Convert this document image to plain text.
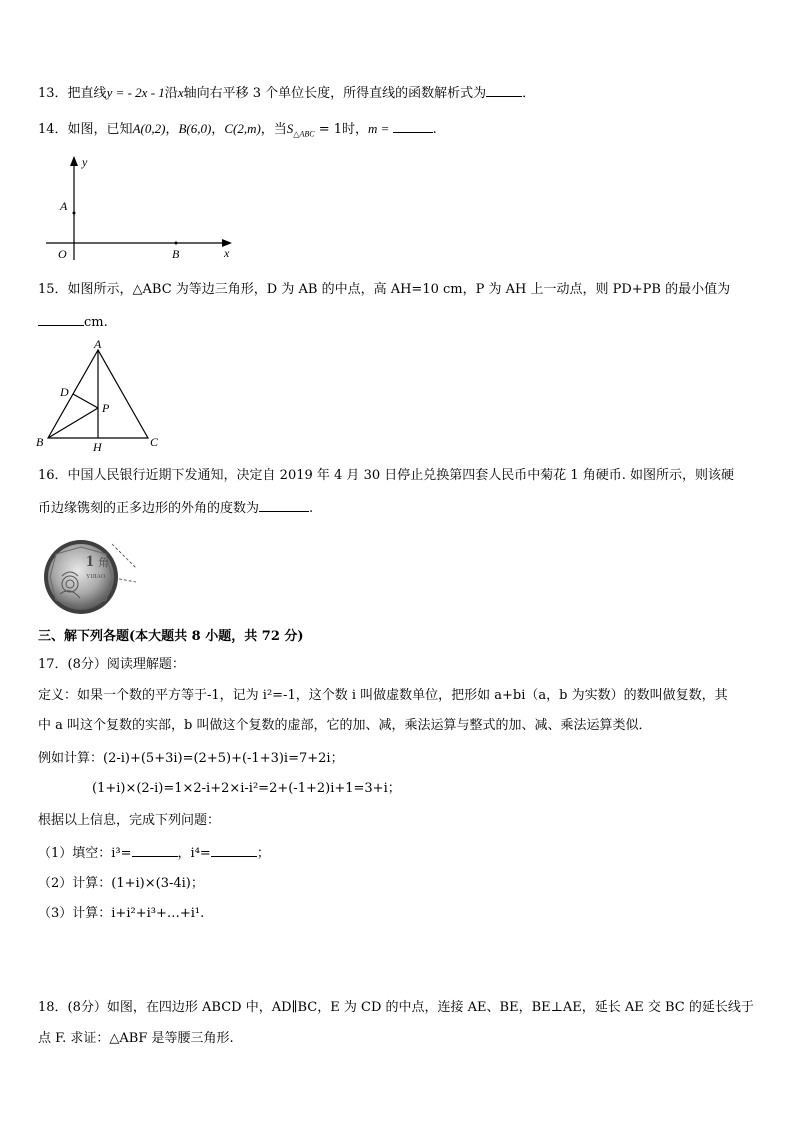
13．把直线y = - 2x - 1沿x轴向右平移 3 个单位长度，所得直线的函数解析式为	．
14．如图，已知A(0,2)，B(6,0)，C(2,m)，当$S_{\triangle ABC} = 1$时，m =	.
y
A
O	B	x
15．如图所示，△ABC 为等边三角形，D 为 AB 的中点，高 AH=10 cm，P 为 AH 上一动点，则 PD+PB 的最小值为
cm.
A
D
P
B	H	C
16．中国人民银行近期下发通知，决定自 2019 年 4 月 30 日停止兑换第四套人民币中菊花 1 角硬币. 如图所示，则该硬
币边缘镌刻的正多边形的外角的度数为	.
1 角
YIJIAO
三、解下列各题(本大题共 8 小题，共 72 分)
17．(8分）阅读理解题：
定义：如果一个数的平方等于-1，记为 i²=-1，这个数 i 叫做虚数单位，把形如 a+bi（a，b 为实数）的数叫做复数，其
中 a 叫这个复数的实部，b 叫做这个复数的虚部，它的加、减，乘法运算与整式的加、减、乘法运算类似．
例如计算：(2-i)+(5+3i)=(2+5)+(-1+3)i=7+2i；
(1+i)×(2-i)=1×2-i+2×i-i²=2+(-1+2)i+1=3+i；
根据以上信息，完成下列问题：
（1）填空：i³=	，i⁴=	；
（2）计算：(1+i)×(3-4i)；
（3）计算：i+i²+i³+…+i¹.
18．(8分）如图，在四边形 ABCD 中，AD∥BC，E 为 CD 的中点，连接 AE、BE，BE⊥AE，延长 AE 交 BC 的延长线于
点 F. 求证：△ABF 是等腰三角形.
